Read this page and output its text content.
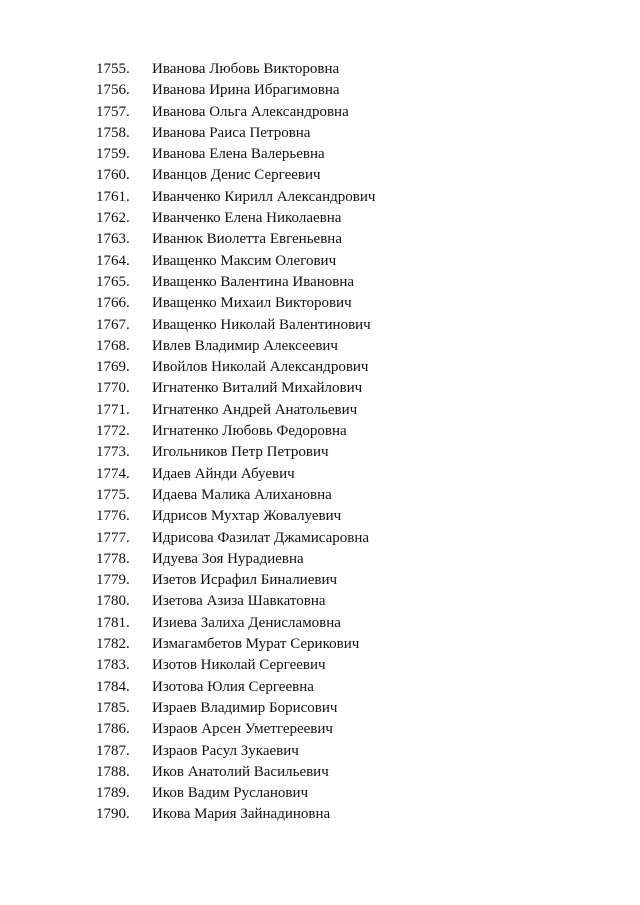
1755.	Иванова Любовь Викторовна
1756.	Иванова Ирина Ибрагимовна
1757.	Иванова Ольга Александровна
1758.	Иванова Раиса Петровна
1759.	Иванова Елена Валерьевна
1760.	Иванцов Денис Сергеевич
1761.	Иванченко Кирилл Александрович
1762.	Иванченко Елена Николаевна
1763.	Иванюк Виолетта Евгеньевна
1764.	Иващенко Максим Олегович
1765.	Иващенко Валентина Ивановна
1766.	Иващенко Михаил Викторович
1767.	Иващенко Николай Валентинович
1768.	Ивлев Владимир Алексеевич
1769.	Ивойлов Николай Александрович
1770.	Игнатенко Виталий Михайлович
1771.	Игнатенко Андрей Анатольевич
1772.	Игнатенко Любовь Федоровна
1773.	Игольников Петр Петрович
1774.	Идаев Айнди Абуевич
1775.	Идаева Малика Алихановна
1776.	Идрисов Мухтар Жовалуевич
1777.	Идрисова Фазилат Джамисаровна
1778.	Идуева Зоя Нурадиевна
1779.	Изетов Исрафил Биналиевич
1780.	Изетова Азиза Шавкатовна
1781.	Изиева Залиха Денисламовна
1782.	Измагамбетов Мурат Серикович
1783.	Изотов Николай Сергеевич
1784.	Изотова Юлия Сергеевна
1785.	Израев Владимир Борисович
1786.	Израов Арсен Уметгереевич
1787.	Израов Расул Зукаевич
1788.	Иков Анатолий Васильевич
1789.	Иков Вадим Русланович
1790.	Икова Мария Зайнадиновна
